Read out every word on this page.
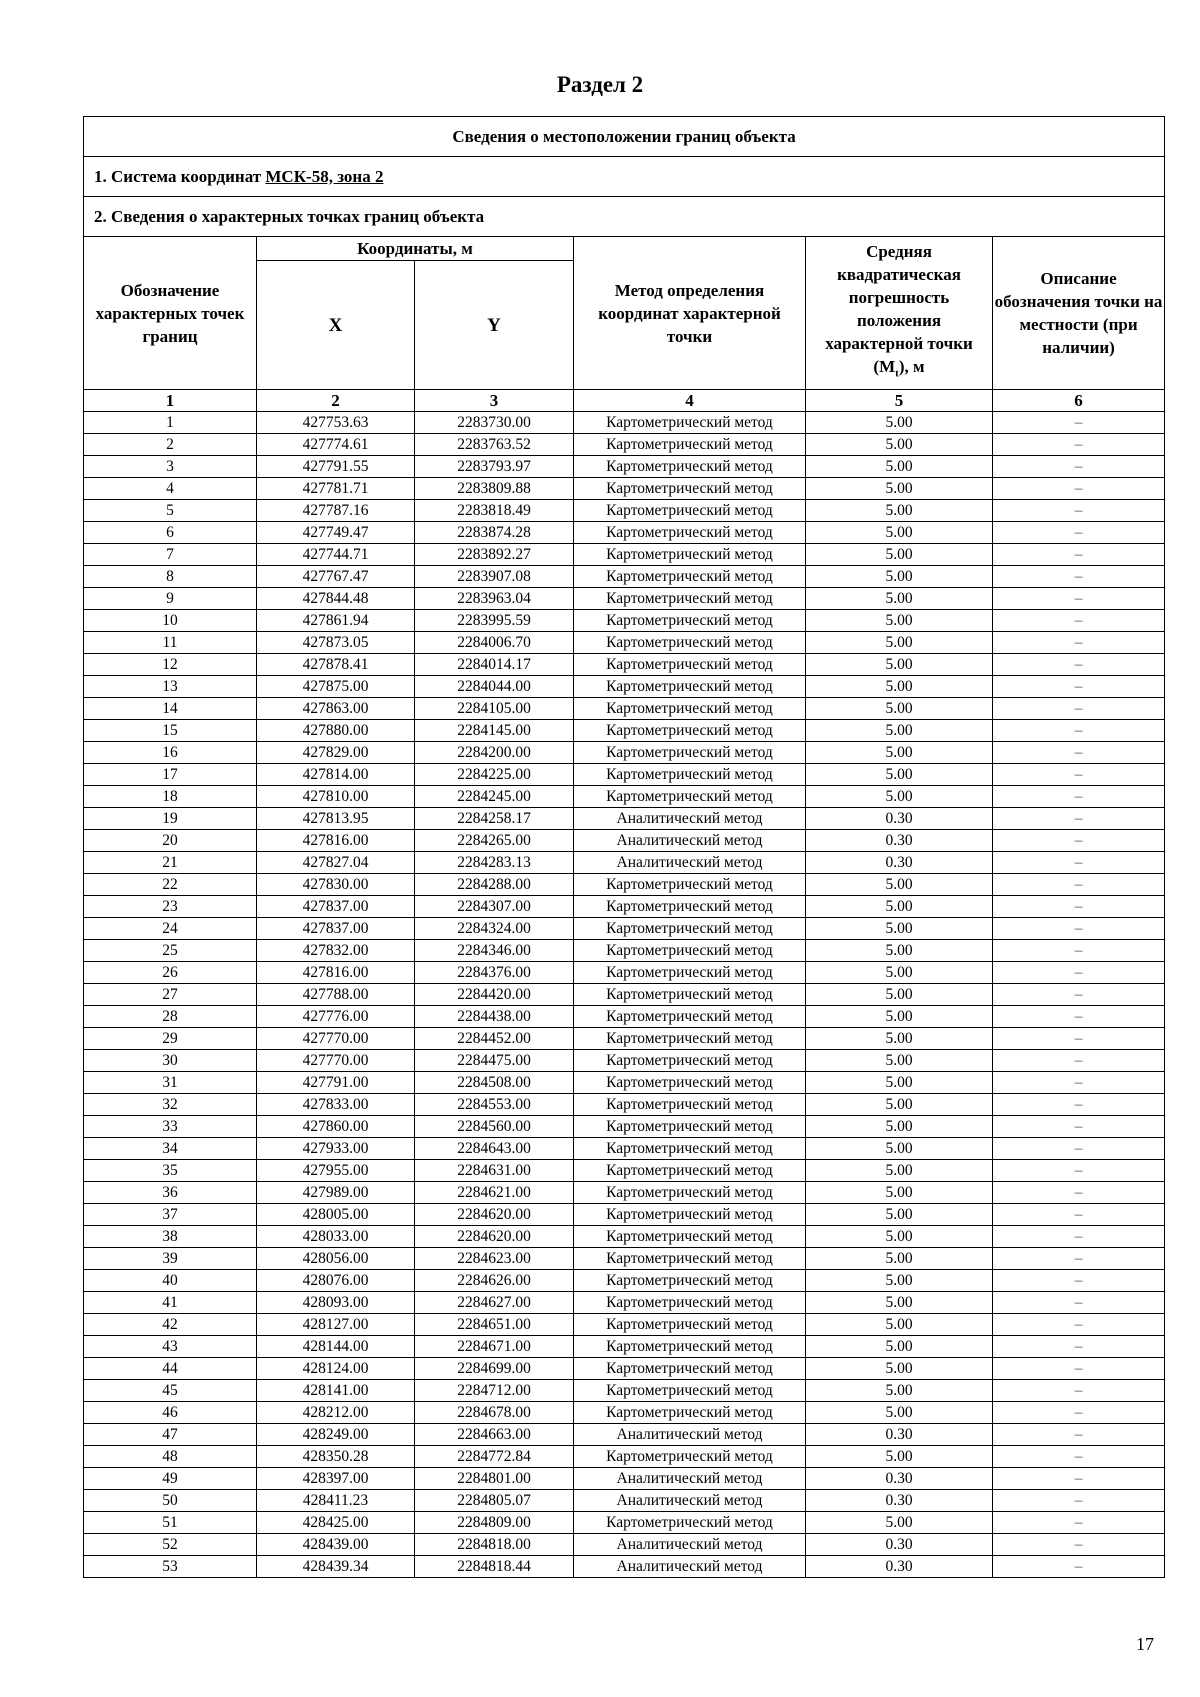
Раздел 2
Сведения о местоположении границ объекта					
1. Система координат МСК-58, зона 2					
2. Сведения о характерных точках границ объекта					
Обозначение характерных точек границ	Координаты, м		Метод определения координат характерной точки	Средняя квадратическая погрешность положения характерной точки $(M_t)$, м	Описание обозначения точки на местности (при наличии)
	X	Y			
1	2	3	4	5	6
1	427753.63	2283730.00	Картометрический метод	5.00	–
2	427774.61	2283763.52	Картометрический метод	5.00	–
3	427791.55	2283793.97	Картометрический метод	5.00	–
4	427781.71	2283809.88	Картометрический метод	5.00	–
5	427787.16	2283818.49	Картометрический метод	5.00	–
6	427749.47	2283874.28	Картометрический метод	5.00	–
7	427744.71	2283892.27	Картометрический метод	5.00	–
8	427767.47	2283907.08	Картометрический метод	5.00	–
9	427844.48	2283963.04	Картометрический метод	5.00	–
10	427861.94	2283995.59	Картометрический метод	5.00	–
11	427873.05	2284006.70	Картометрический метод	5.00	–
12	427878.41	2284014.17	Картометрический метод	5.00	–
13	427875.00	2284044.00	Картометрический метод	5.00	–
14	427863.00	2284105.00	Картометрический метод	5.00	–
15	427880.00	2284145.00	Картометрический метод	5.00	–
16	427829.00	2284200.00	Картометрический метод	5.00	–
17	427814.00	2284225.00	Картометрический метод	5.00	–
18	427810.00	2284245.00	Картометрический метод	5.00	–
19	427813.95	2284258.17	Аналитический метод	0.30	–
20	427816.00	2284265.00	Аналитический метод	0.30	–
21	427827.04	2284283.13	Аналитический метод	0.30	–
22	427830.00	2284288.00	Картометрический метод	5.00	–
23	427837.00	2284307.00	Картометрический метод	5.00	–
24	427837.00	2284324.00	Картометрический метод	5.00	–
25	427832.00	2284346.00	Картометрический метод	5.00	–
26	427816.00	2284376.00	Картометрический метод	5.00	–
27	427788.00	2284420.00	Картометрический метод	5.00	–
28	427776.00	2284438.00	Картометрический метод	5.00	–
29	427770.00	2284452.00	Картометрический метод	5.00	–
30	427770.00	2284475.00	Картометрический метод	5.00	–
31	427791.00	2284508.00	Картометрический метод	5.00	–
32	427833.00	2284553.00	Картометрический метод	5.00	–
33	427860.00	2284560.00	Картометрический метод	5.00	–
34	427933.00	2284643.00	Картометрический метод	5.00	–
35	427955.00	2284631.00	Картометрический метод	5.00	–
36	427989.00	2284621.00	Картометрический метод	5.00	–
37	428005.00	2284620.00	Картометрический метод	5.00	–
38	428033.00	2284620.00	Картометрический метод	5.00	–
39	428056.00	2284623.00	Картометрический метод	5.00	–
40	428076.00	2284626.00	Картометрический метод	5.00	–
41	428093.00	2284627.00	Картометрический метод	5.00	–
42	428127.00	2284651.00	Картометрический метод	5.00	–
43	428144.00	2284671.00	Картометрический метод	5.00	–
44	428124.00	2284699.00	Картометрический метод	5.00	–
45	428141.00	2284712.00	Картометрический метод	5.00	–
46	428212.00	2284678.00	Картометрический метод	5.00	–
47	428249.00	2284663.00	Аналитический метод	0.30	–
48	428350.28	2284772.84	Картометрический метод	5.00	–
49	428397.00	2284801.00	Аналитический метод	0.30	–
50	428411.23	2284805.07	Аналитический метод	0.30	–
51	428425.00	2284809.00	Картометрический метод	5.00	–
52	428439.00	2284818.00	Аналитический метод	0.30	–
53	428439.34	2284818.44	Аналитический метод	0.30	–
17
